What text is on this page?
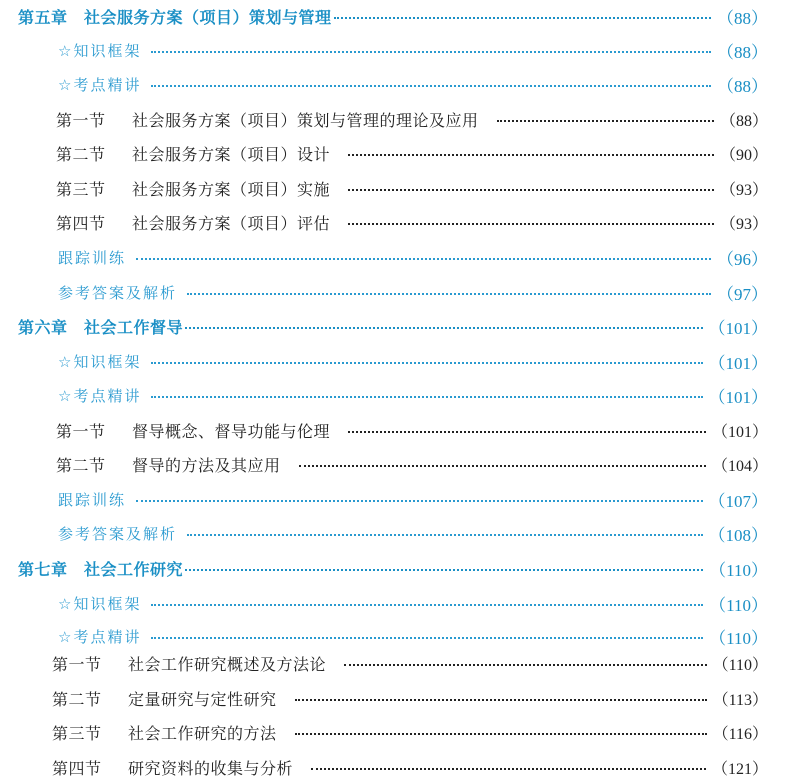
第五章　社会服务方案（项目）策划与管理	（88）
☆知识框架	（88）
☆考点精讲	（88）
第一节 社会服务方案（项目）策划与管理的理论及应用	（88）
第二节 社会服务方案（项目）设计	（90）
第三节 社会服务方案（项目）实施	（93）
第四节 社会服务方案（项目）评估	（93）
跟踪训练	（96）
参考答案及解析	（97）
第六章　社会工作督导	（101）
☆知识框架	（101）
☆考点精讲	（101）
第一节 督导概念、督导功能与伦理	（101）
第二节 督导的方法及其应用	（104）
跟踪训练	（107）
参考答案及解析	（108）
第七章　社会工作研究	（110）
☆知识框架	（110）
☆考点精讲	（110）
第一节 社会工作研究概述及方法论	（110）
第二节 定量研究与定性研究	（113）
第三节 社会工作研究的方法	（116）
第四节 研究资料的收集与分析	（121）
